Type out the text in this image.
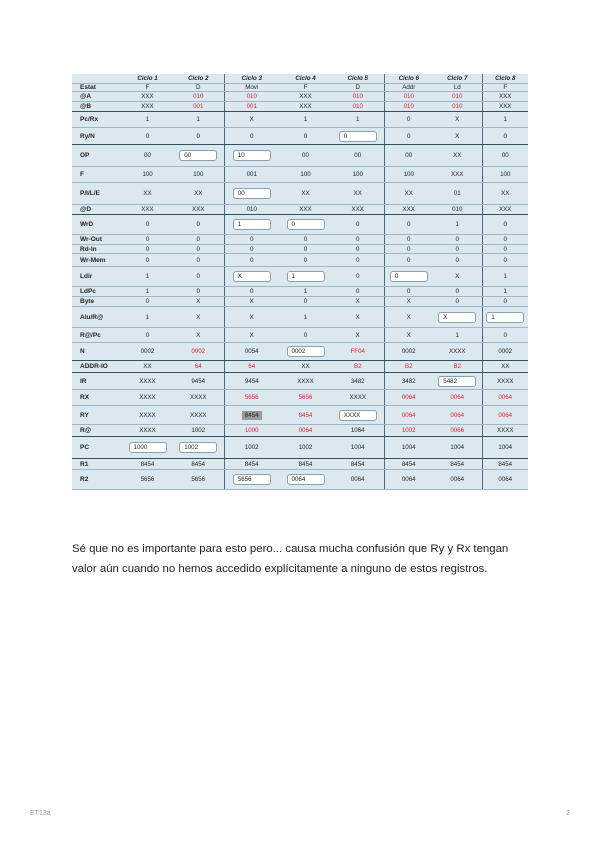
	Ciclo 1	Ciclo 2	Ciclo 3	Ciclo 4	Ciclo 5	Ciclo 6	Ciclo 7	Ciclo 8
Estat	F	D	Movi	F	D	Addr	Ld	F
@A	XXX	010	010	XXX	010	010	010	XXX
@B	XXX	001	001	XXX	010	010	010	XXX
Pc/Rx	1	1	X	1	1	0	X	1
Ry/N	0	0	0	0	0	0	X	0
OP	00	00	10	00	00	00	XX	00
F	100	100	001	100	100	100	XXX	100
P/I/L/E	XX	XX	00	XX	XX	XX	01	XX
@D	XXX	XXX	010	XXX	XXX	XXX	010	XXX
WrD	0	0	1	0	0	0	1	0
Wr-Out	0	0	0	0	0	0	0	0
Rd-In	0	0	0	0	0	0	0	0
Wr-Mem	0	0	0	0	0	0	0	0
Ldir	1	0	X	1	0	0	X	1
LdPc	1	0	0	1	0	0	0	1
Byte	0	X	X	0	X	X	0	0
Alu/R@	1	X	X	1	X	X	X	1
R@/Pc	0	X	X	0	X	X	1	0
N	0002	0002	0054	0002	FF04	0002	XXXX	0002
ADDR-IO	XX	64	64	XX	B2	B2	B2	XX
IR	XXXX	9454	9454	XXXX	3482	3482	5482	XXXX
RX	XXXX	XXXX	5656	5656	XXXX	0064	0064	0064
RY	XXXX	XXXX	8454	8454	XXXX	0064	0064	0064
R@	XXXX	1002	1000	0064	1064	1002	0066	XXXX
PC	1000	1002	1002	1002	1004	1004	1004	1004
R1	8454	8454	8454	8454	8454	8454	8454	8454
R2	5656	5656	5656	0064	0064	0064	0064	0064

Sé que no es importante para esto pero... causa mucha confusión que Ry y Rx tengan valor aún cuando no hemos accedido explícitamente a ninguno de estos registros.

ET13a	2
